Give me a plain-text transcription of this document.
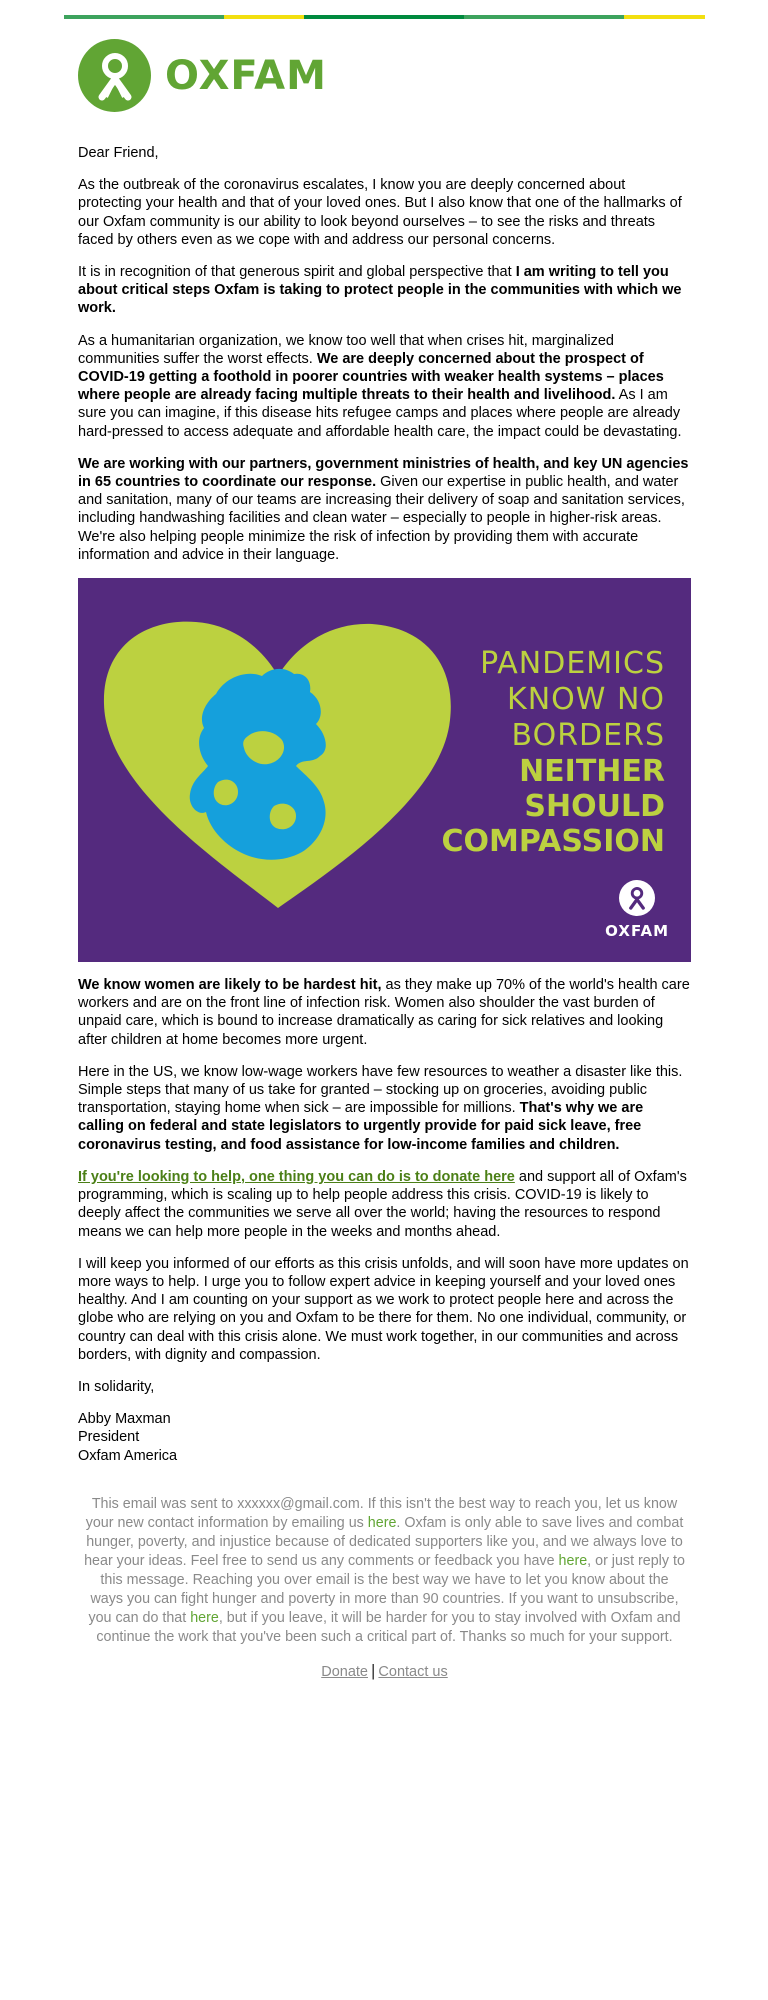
OXFAM

Dear Friend,

As the outbreak of the coronavirus escalates, I know you are deeply concerned about protecting your health and that of your loved ones. But I also know that one of the hallmarks of our Oxfam community is our ability to look beyond ourselves – to see the risks and threats faced by others even as we cope with and address our personal concerns.

It is in recognition of that generous spirit and global perspective that I am writing to tell you about critical steps Oxfam is taking to protect people in the communities with which we work.

As a humanitarian organization, we know too well that when crises hit, marginalized communities suffer the worst effects. We are deeply concerned about the prospect of COVID-19 getting a foothold in poorer countries with weaker health systems – places where people are already facing multiple threats to their health and livelihood. As I am sure you can imagine, if this disease hits refugee camps and places where people are already hard-pressed to access adequate and affordable health care, the impact could be devastating.

We are working with our partners, government ministries of health, and key UN agencies in 65 countries to coordinate our response. Given our expertise in public health, and water and sanitation, many of our teams are increasing their delivery of soap and sanitation services, including handwashing facilities and clean water – especially to people in higher-risk areas. We're also helping people minimize the risk of infection by providing them with accurate information and advice in their language.

PANDEMICS
KNOW NO
BORDERS
NEITHER
SHOULD
COMPASSION
OXFAM

We know women are likely to be hardest hit, as they make up 70% of the world's health care workers and are on the front line of infection risk. Women also shoulder the vast burden of unpaid care, which is bound to increase dramatically as caring for sick relatives and looking after children at home becomes more urgent.

Here in the US, we know low-wage workers have few resources to weather a disaster like this. Simple steps that many of us take for granted – stocking up on groceries, avoiding public transportation, staying home when sick – are impossible for millions. That's why we are calling on federal and state legislators to urgently provide for paid sick leave, free coronavirus testing, and food assistance for low-income families and children.

If you're looking to help, one thing you can do is to donate here and support all of Oxfam's programming, which is scaling up to help people address this crisis. COVID-19 is likely to deeply affect the communities we serve all over the world; having the resources to respond means we can help more people in the weeks and months ahead.

I will keep you informed of our efforts as this crisis unfolds, and will soon have more updates on more ways to help. I urge you to follow expert advice in keeping yourself and your loved ones healthy. And I am counting on your support as we work to protect people here and across the globe who are relying on you and Oxfam to be there for them. No one individual, community, or country can deal with this crisis alone. We must work together, in our communities and across borders, with dignity and compassion.

In solidarity,

Abby Maxman

President

Oxfam America

This email was sent to xxxxxx@gmail.com. If this isn't the best way to reach you, let us know your new contact information by emailing us here. Oxfam is only able to save lives and combat hunger, poverty, and injustice because of dedicated supporters like you, and we always love to hear your ideas. Feel free to send us any comments or feedback you have here, or just reply to this message. Reaching you over email is the best way we have to let you know about the ways you can fight hunger and poverty in more than 90 countries. If you want to unsubscribe, you can do that here, but if you leave, it will be harder for you to stay involved with Oxfam and continue the work that you've been such a critical part of. Thanks so much for your support.
Donate | Contact us
